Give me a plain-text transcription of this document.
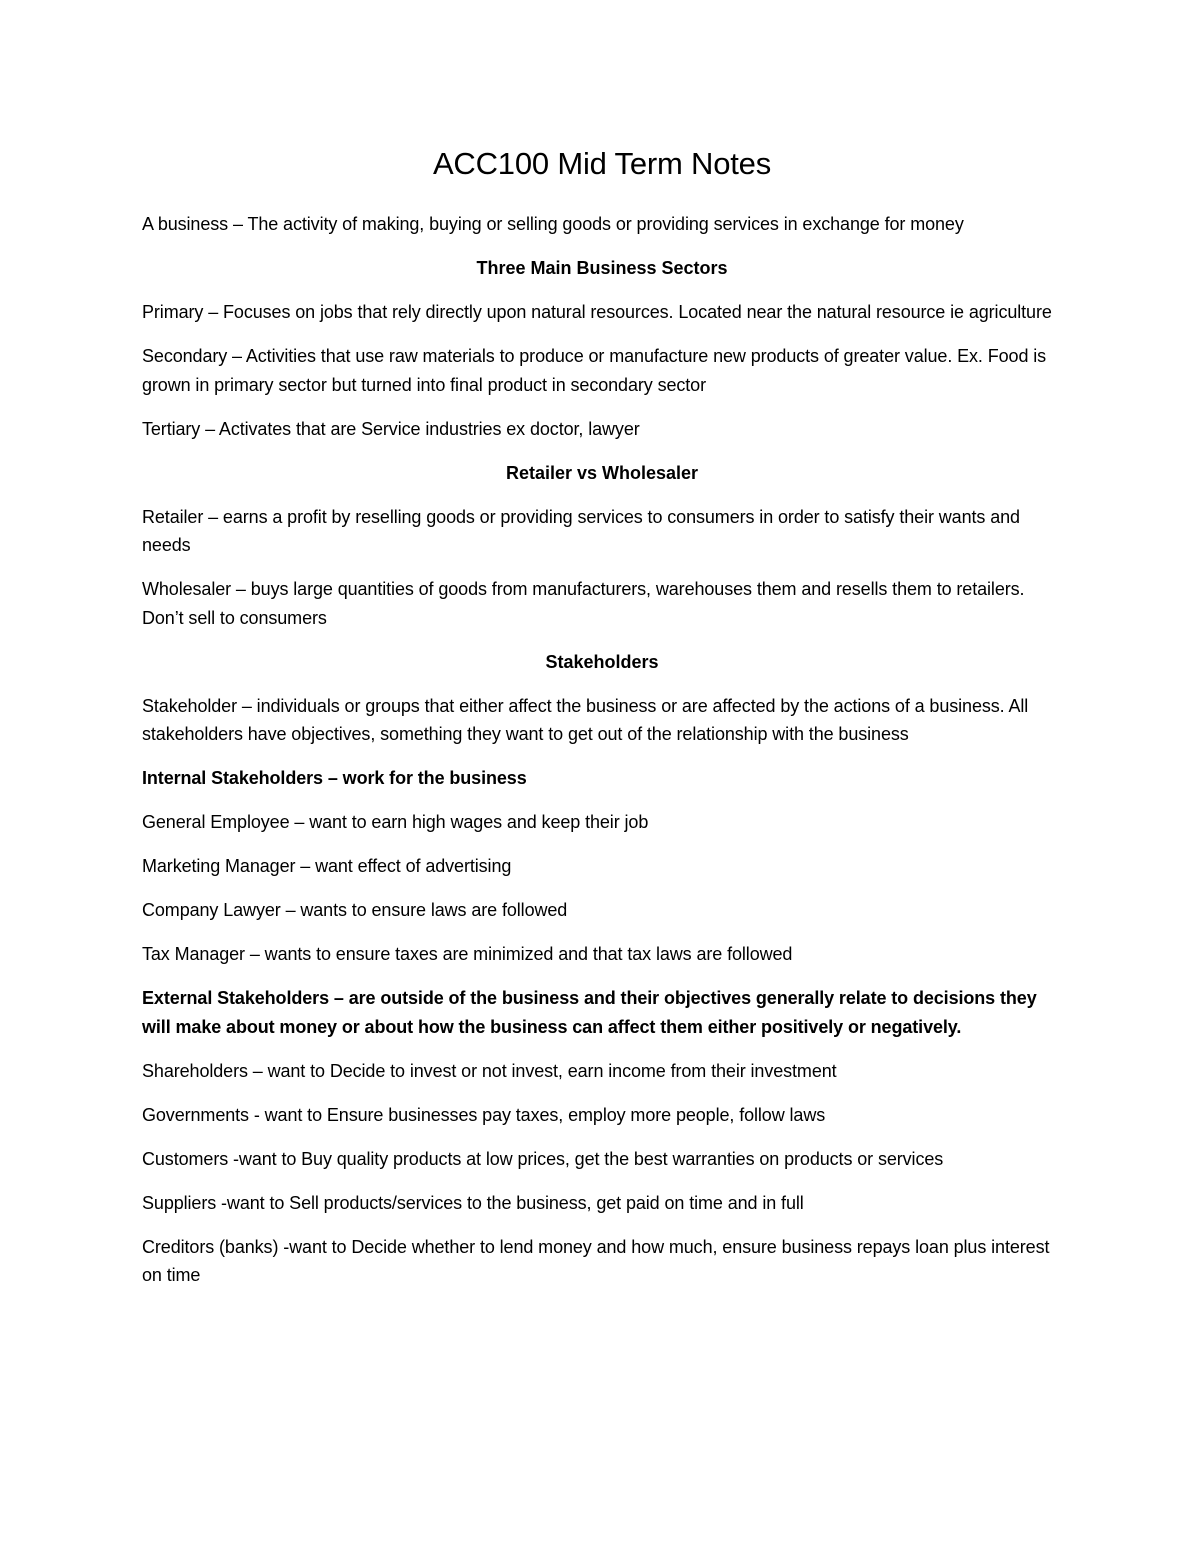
ACC100 Mid Term Notes

A business – The activity of making, buying or selling goods or providing services in exchange for money

Three Main Business Sectors

Primary – Focuses on jobs that rely directly upon natural resources. Located near the natural resource ie agriculture

Secondary – Activities that use raw materials to produce or manufacture new products of greater value. Ex. Food is grown in primary sector but turned into final product in secondary sector

Tertiary – Activates that are Service industries ex doctor, lawyer

Retailer vs Wholesaler

Retailer – earns a profit by reselling goods or providing services to consumers in order to satisfy their wants and needs

Wholesaler – buys large quantities of goods from manufacturers, warehouses them and resells them to retailers. Don’t sell to consumers

Stakeholders

Stakeholder – individuals or groups that either affect the business or are affected by the actions of a business. All stakeholders have objectives, something they want to get out of the relationship with the business

Internal Stakeholders – work for the business

General Employee – want to earn high wages and keep their job

Marketing Manager – want effect of advertising

Company Lawyer – wants to ensure laws are followed

Tax Manager – wants to ensure taxes are minimized and that tax laws are followed

External Stakeholders – are outside of the business and their objectives generally relate to decisions they will make about money or about how the business can affect them either positively or negatively.

Shareholders – want to Decide to invest or not invest, earn income from their investment

Governments - want to Ensure businesses pay taxes, employ more people, follow laws

Customers -want to Buy quality products at low prices, get the best warranties on products or services

Suppliers -want to Sell products/services to the business, get paid on time and in full

Creditors (banks) -want to Decide whether to lend money and how much, ensure business repays loan plus interest on time
